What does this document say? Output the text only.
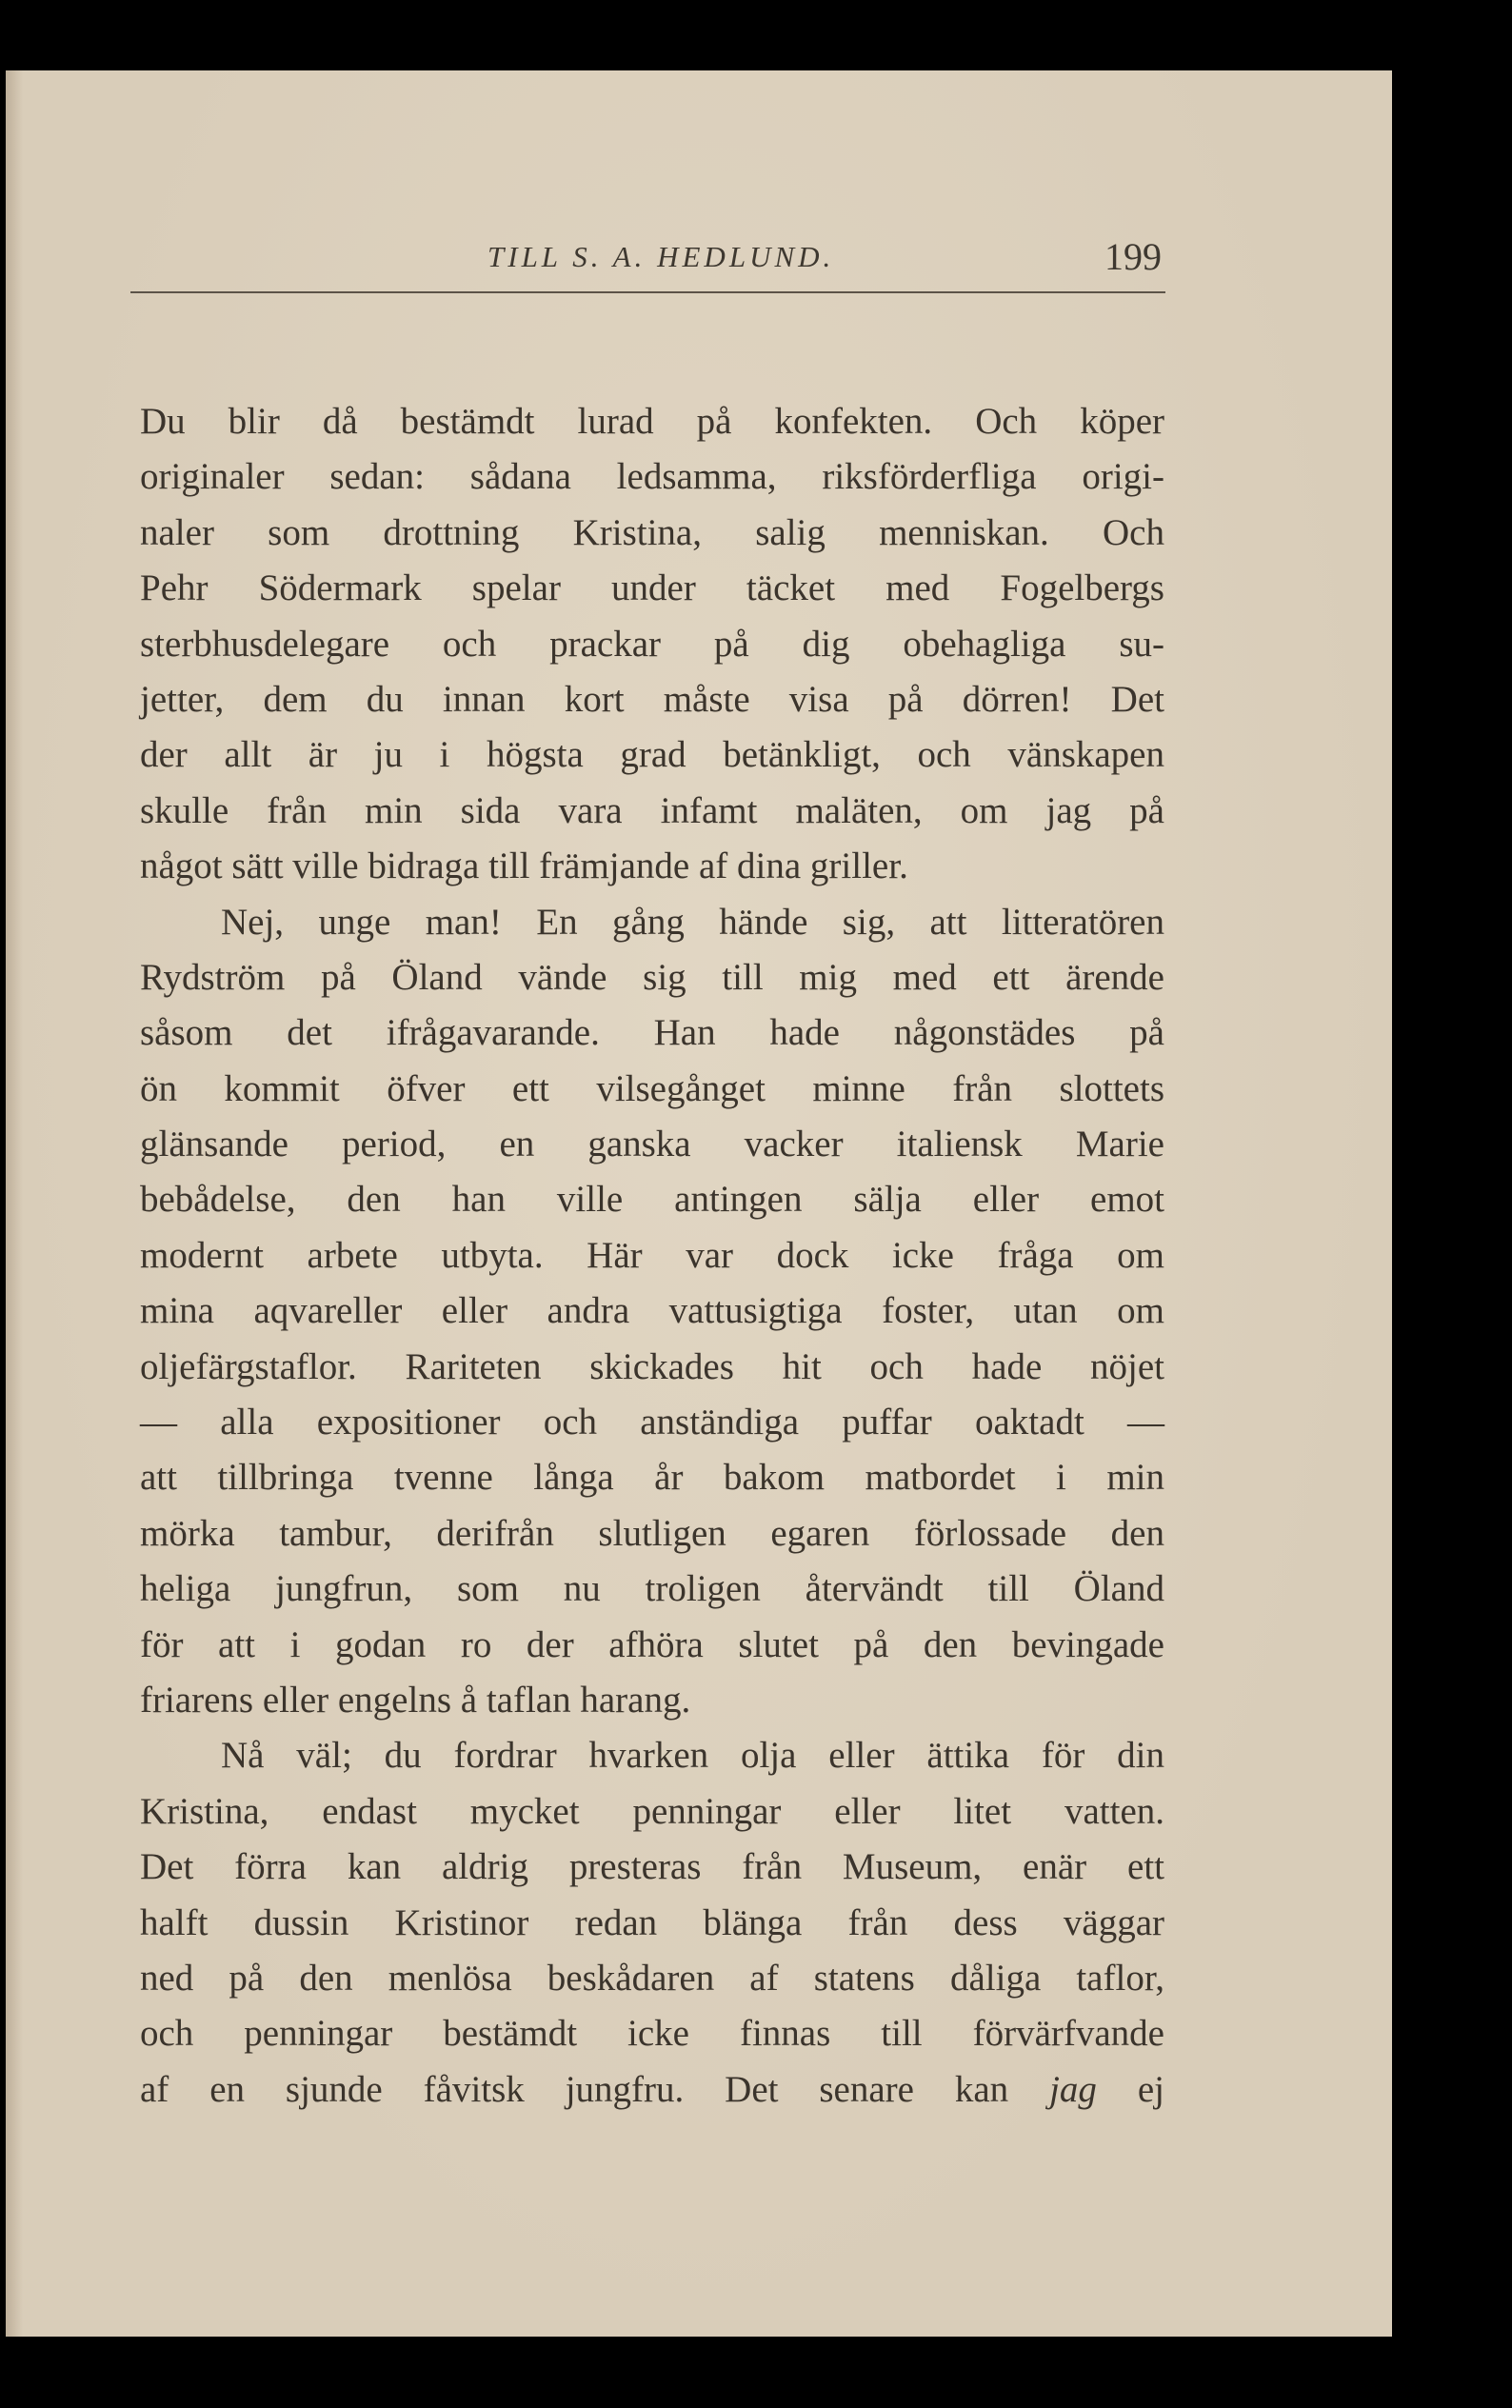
TILL S. A. HEDLUND.	199
Du blir då bestämdt lurad på konfekten. Och köper
originaler sedan: sådana ledsamma, riksförderfliga origi-
naler som drottning Kristina, salig menniskan. Och
Pehr Södermark spelar under täcket med Fogelbergs
sterbhusdelegare och prackar på dig obehagliga su-
jetter, dem du innan kort måste visa på dörren! Det
der allt är ju i högsta grad betänkligt, och vänskapen
skulle från min sida vara infamt maläten, om jag på
något sätt ville bidraga till främjande af dina griller.
Nej, unge man! En gång hände sig, att litteratören
Rydström på Öland vände sig till mig med ett ärende
såsom det ifrågavarande. Han hade någonstädes på
ön kommit öfver ett vilsegånget minne från slottets
glänsande period, en ganska vacker italiensk Marie
bebådelse, den han ville antingen sälja eller emot
modernt arbete utbyta. Här var dock icke fråga om
mina aqvareller eller andra vattusigtiga foster, utan om
oljefärgstaflor. Rariteten skickades hit och hade nöjet
— alla expositioner och anständiga puffar oaktadt —
att tillbringa tvenne långa år bakom matbordet i min
mörka tambur, derifrån slutligen egaren förlossade den
heliga jungfrun, som nu troligen återvändt till Öland
för att i godan ro der afhöra slutet på den bevingade
friarens eller engelns å taflan harang.
Nå väl; du fordrar hvarken olja eller ättika för din
Kristina, endast mycket penningar eller litet vatten.
Det förra kan aldrig presteras från Museum, enär ett
halft dussin Kristinor redan blänga från dess väggar
ned på den menlösa beskådaren af statens dåliga taflor,
och penningar bestämdt icke finnas till förvärfvande
af en sjunde fåvitsk jungfru. Det senare kan jag ej
